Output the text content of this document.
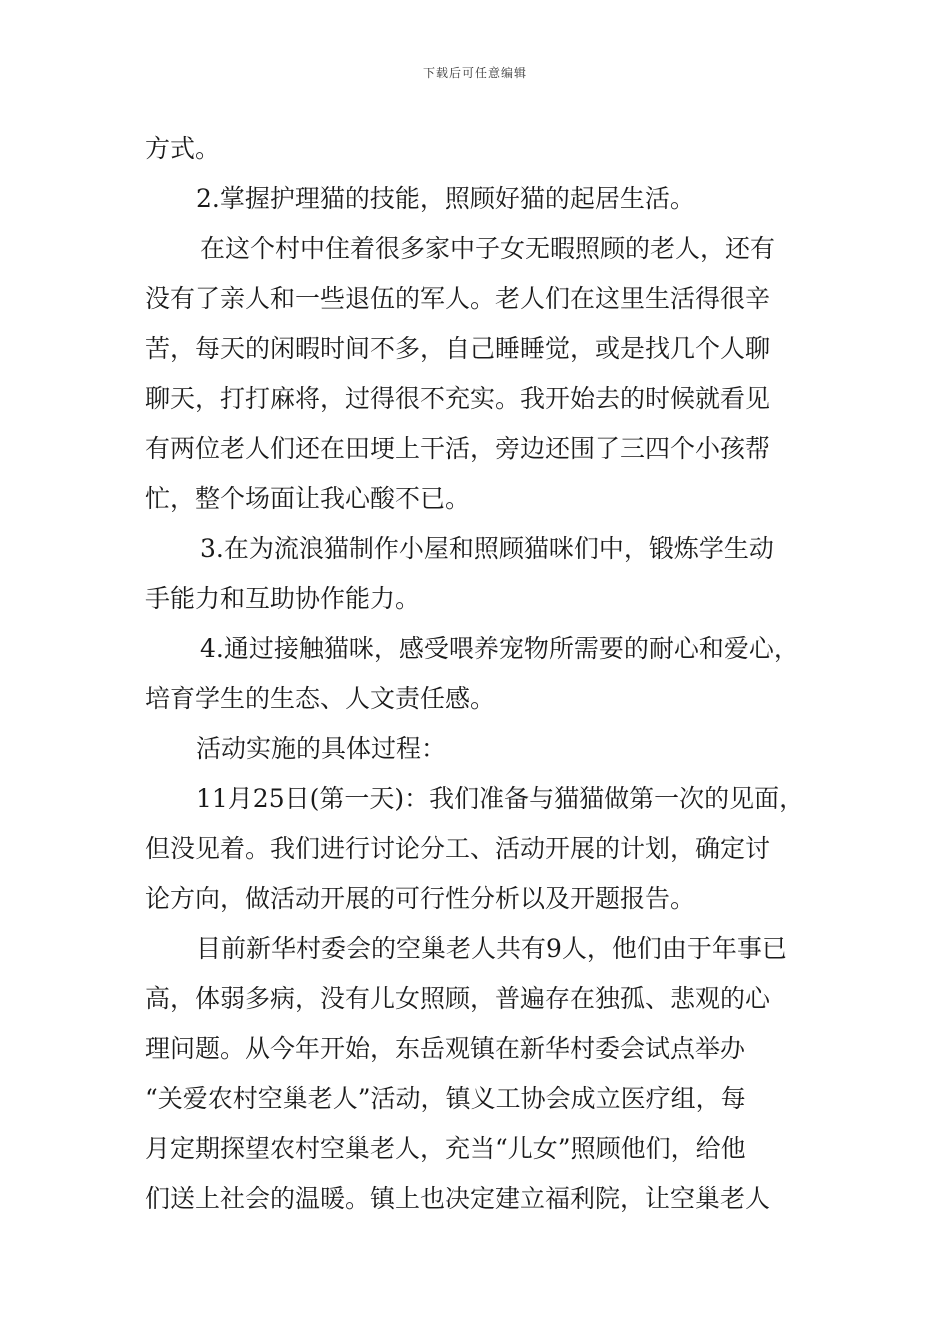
下载后可任意编辑
方式。
2.掌握护理猫的技能，照顾好猫的起居生活。
在这个村中住着很多家中子女无暇照顾的老人，还有
没有了亲人和一些退伍的军人。老人们在这里生活得很辛
苦，每天的闲暇时间不多，自己睡睡觉，或是找几个人聊
聊天，打打麻将，过得很不充实。我开始去的时候就看见
有两位老人们还在田埂上干活，旁边还围了三四个小孩帮
忙，整个场面让我心酸不已。
3.在为流浪猫制作小屋和照顾猫咪们中，锻炼学生动
手能力和互助协作能力。
4.通过接触猫咪，感受喂养宠物所需要的耐心和爱心，
培育学生的生态、人文责任感。
活动实施的具体过程：
11月25日(第一天)：我们准备与猫猫做第一次的见面，
但没见着。我们进行讨论分工、活动开展的计划，确定讨
论方向，做活动开展的可行性分析以及开题报告。
目前新华村委会的空巢老人共有9人，他们由于年事已
高，体弱多病，没有儿女照顾，普遍存在独孤、悲观的心
理问题。从今年开始，东岳观镇在新华村委会试点举办
“关爱农村空巢老人”活动，镇义工协会成立医疗组，每
月定期探望农村空巢老人，充当“儿女”照顾他们，给他
们送上社会的温暖。镇上也决定建立福利院，让空巢老人
